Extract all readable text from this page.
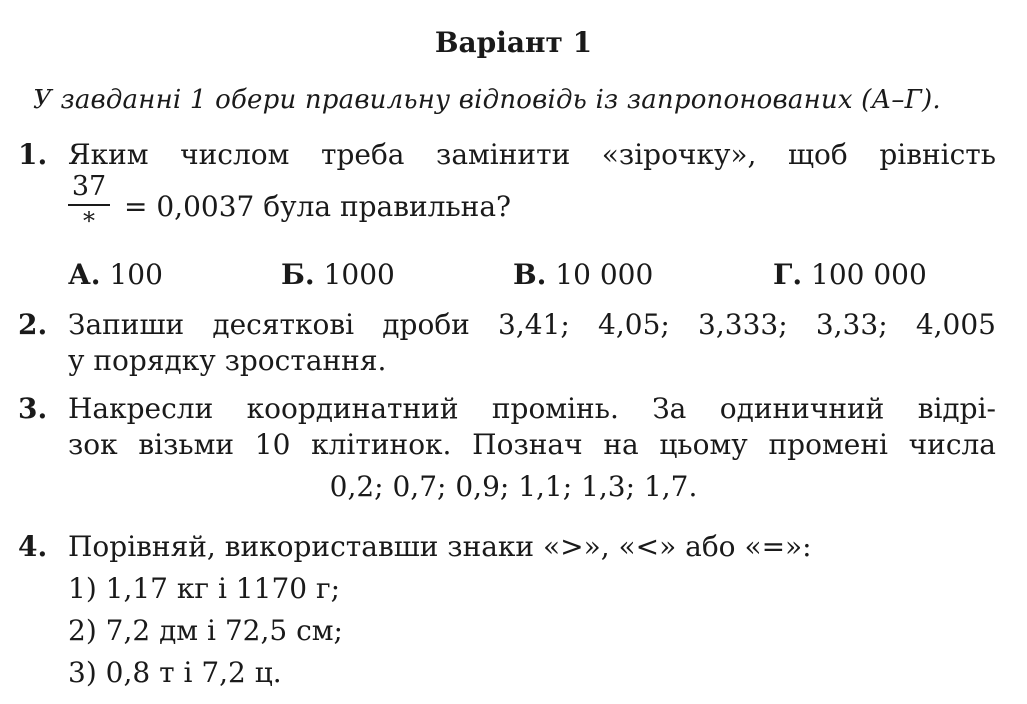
Варіант 1
У завданні 1 обери правильну відповідь із запропонованих (А–Г).
1. Яким числом треба замінити «зірочку», щоб рівність
37
*	= 0,0037 була правильна?
А. 100	Б. 1000	В. 10 000	Г. 100 000
2. Запиши десяткові дроби 3,41; 4,05; 3,333; 3,33; 4,005
у порядку зростання.
3. Накресли координатний промінь. За одиничний відрі-
зок візьми 10 клітинок. Познач на цьому промені числа
0,2; 0,7; 0,9; 1,1; 1,3; 1,7.
4. Порівняй, використавши знаки «>», «<» або «=»:
1) 1,17 кг і 1170 г;
2) 7,2 дм і 72,5 см;
3) 0,8 т і 7,2 ц.
